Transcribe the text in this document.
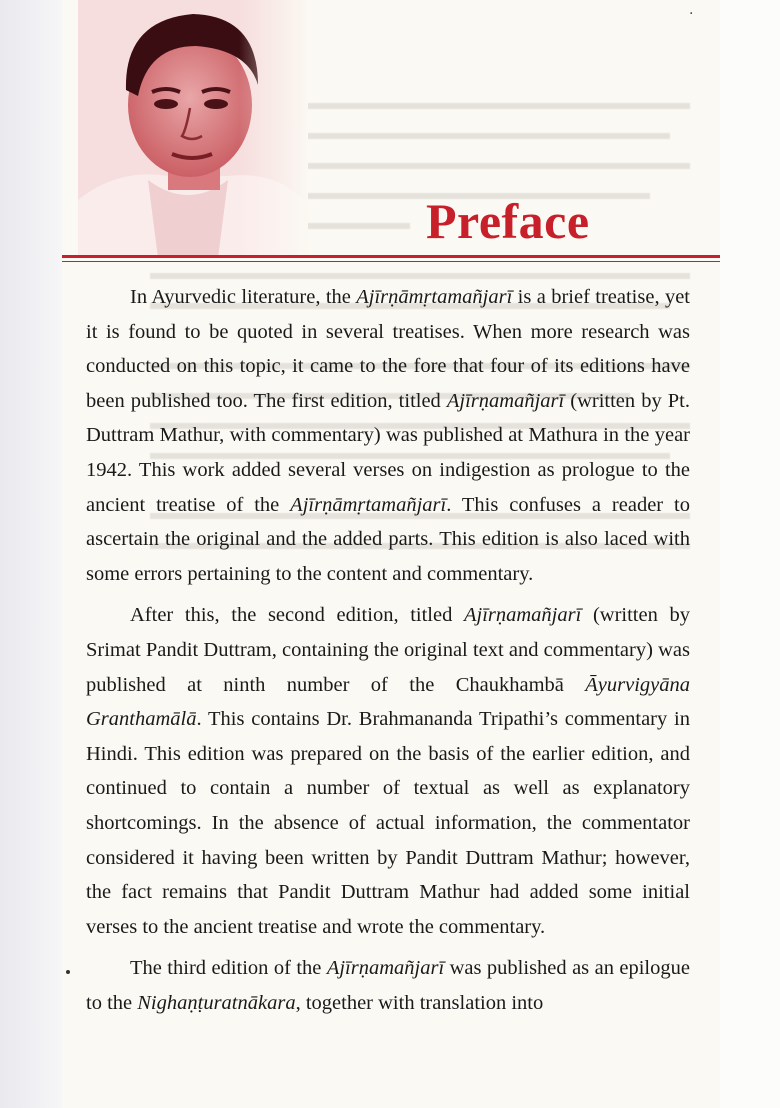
·
Preface

In Ayurvedic literature, the Ajīrṇāmṛtamañjarī is a brief treatise, yet it is found to be quoted in several treatises. When more research was conducted on this topic, it came to the fore that four of its editions have been published too. The first edition, titled Ajīrṇamañjarī (written by Pt. Duttram Mathur, with commentary) was published at Mathura in the year 1942. This work added several verses on indigestion as prologue to the ancient treatise of the Ajīrṇāmṛtamañjarī. This confuses a reader to ascertain the original and the added parts. This edition is also laced with some errors pertaining to the content and commentary.

After this, the second edition, titled Ajīrṇamañjarī (written by Srimat Pandit Duttram, containing the original text and commentary) was published at ninth number of the Chaukhambā Āyurvigyāna Granthamālā. This contains Dr. Brahmananda Tripathi’s commentary in Hindi. This edition was prepared on the basis of the earlier edition, and continued to contain a number of textual as well as explanatory shortcomings. In the absence of actual information, the commentator considered it having been written by Pandit Duttram Mathur; however, the fact remains that Pandit Duttram Mathur had added some initial verses to the ancient treatise and wrote the commentary.

The third edition of the Ajīrṇamañjarī was published as an epilogue to the Nighaṇṭuratnākara, together with translation into
